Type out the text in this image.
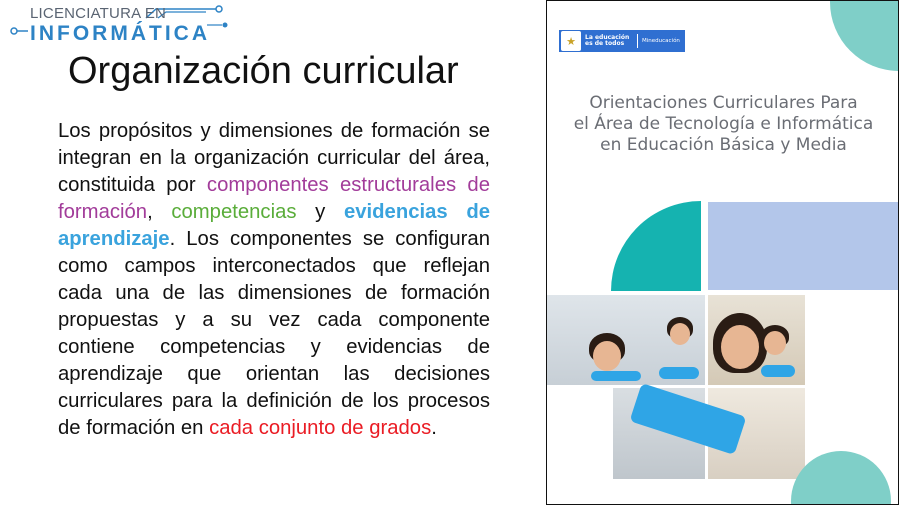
LICENCIATURA EN
INFORMÁTICA
Organización curricular
Los propósitos y dimensiones de formación se integran en la organización curricular del área, constituida por componentes estructurales de formación, competencias y evidencias de aprendizaje. Los componentes se configuran como campos interconectados que reflejan cada una de las dimensiones de formación propuestas y a su vez cada componente contiene competencias y evidencias de aprendizaje que orientan las decisiones curriculares para la definición de los procesos de formación en cada conjunto de grados.
★	La educación es de todos	Mineducación
Orientaciones Curriculares Para
el Área de Tecnología e Informática
en Educación Básica y Media
